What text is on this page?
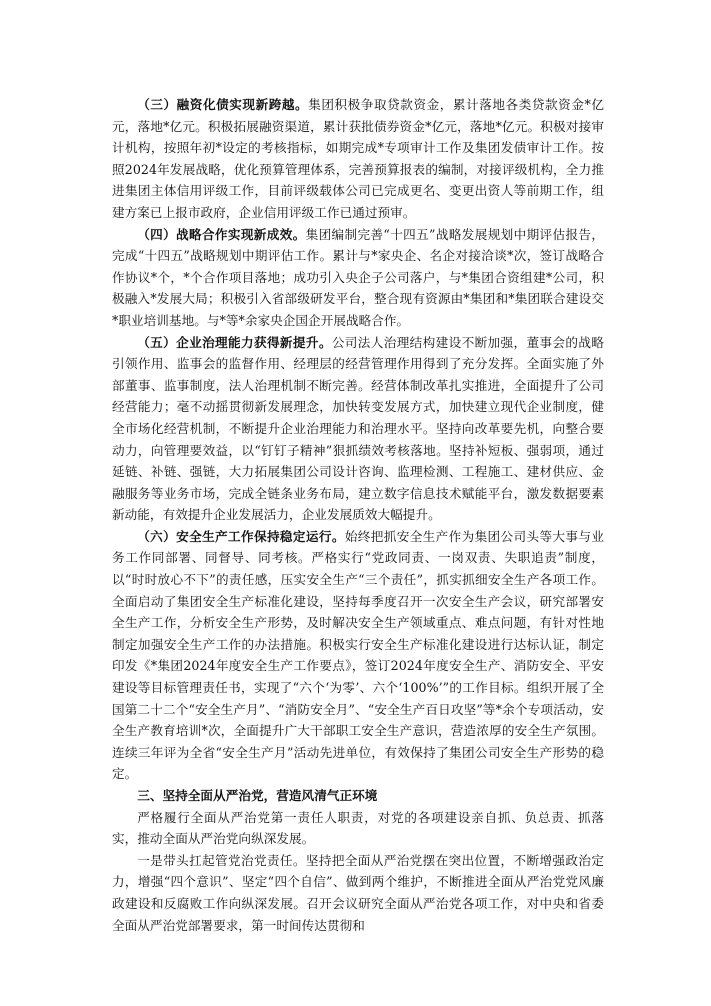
（三）融资化债实现新跨越。集团积极争取贷款资金，累计落地各类贷款资金*亿元，落地*亿元。积极拓展融资渠道，累计获批债券资金*亿元，落地*亿元。积极对接审计机构，按照年初*设定的考核指标，如期完成*专项审计工作及集团发债审计工作。按照2024年发展战略，优化预算管理体系，完善预算报表的编制，对接评级机构，全力推进集团主体信用评级工作，目前评级载体公司已完成更名、变更出资人等前期工作，组建方案已上报市政府，企业信用评级工作已通过预审。

（四）战略合作实现新成效。集团编制完善“十四五”战略发展规划中期评估报告，完成“十四五”战略规划中期评估工作。累计与*家央企、名企对接洽谈*次，签订战略合作协议*个，*个合作项目落地；成功引入央企子公司落户，与*集团合资组建*公司，积极融入*发展大局；积极引入省部级研发平台，整合现有资源由*集团和*集团联合建设交*职业培训基地。与*等*余家央企国企开展战略合作。

（五）企业治理能力获得新提升。公司法人治理结构建设不断加强，董事会的战略引领作用、监事会的监督作用、经理层的经营管理作用得到了充分发挥。全面实施了外部董事、监事制度，法人治理机制不断完善。经营体制改革扎实推进，全面提升了公司经营能力；毫不动摇贯彻新发展理念，加快转变发展方式，加快建立现代企业制度，健全市场化经营机制，不断提升企业治理能力和治理水平。坚持向改革要先机，向整合要动力，向管理要效益，以“钉钉子精神”狠抓绩效考核落地。坚持补短板、强弱项，通过延链、补链、强链，大力拓展集团公司设计咨询、监理检测、工程施工、建材供应、金融服务等业务市场，完成全链条业务布局，建立数字信息技术赋能平台，激发数据要素新动能，有效提升企业发展活力，企业发展质效大幅提升。

（六）安全生产工作保持稳定运行。始终把抓安全生产作为集团公司头等大事与业务工作同部署、同督导、同考核。严格实行“党政同责、一岗双责、失职追责”制度，以“时时放心不下”的责任感，压实安全生产“三个责任”，抓实抓细安全生产各项工作。全面启动了集团安全生产标准化建设，坚持每季度召开一次安全生产会议，研究部署安全生产工作，分析安全生产形势，及时解决安全生产领域重点、难点问题，有针对性地制定加强安全生产工作的办法措施。积极实行安全生产标准化建设进行达标认证，制定印发《*集团2024年度安全生产工作要点》，签订2024年度安全生产、消防安全、平安建设等目标管理责任书，实现了“六个‘为零’、六个‘100%’”的工作目标。组织开展了全国第二十二个“安全生产月”、“消防安全月”、“安全生产百日攻坚”等*余个专项活动，安全生产教育培训*次，全面提升广大干部职工安全生产意识，营造浓厚的安全生产氛围。连续三年评为全省“安全生产月”活动先进单位，有效保持了集团公司安全生产形势的稳定。

三、坚持全面从严治党，营造风清气正环境

严格履行全面从严治党第一责任人职责，对党的各项建设亲自抓、负总责、抓落实，推动全面从严治党向纵深发展。

一是带头扛起管党治党责任。坚持把全面从严治党摆在突出位置，不断增强政治定力，增强“四个意识”、坚定“四个自信”、做到两个维护，不断推进全面从严治党党风廉政建设和反腐败工作向纵深发展。召开会议研究全面从严治党各项工作，对中央和省委全面从严治党部署要求，第一时间传达贯彻和
